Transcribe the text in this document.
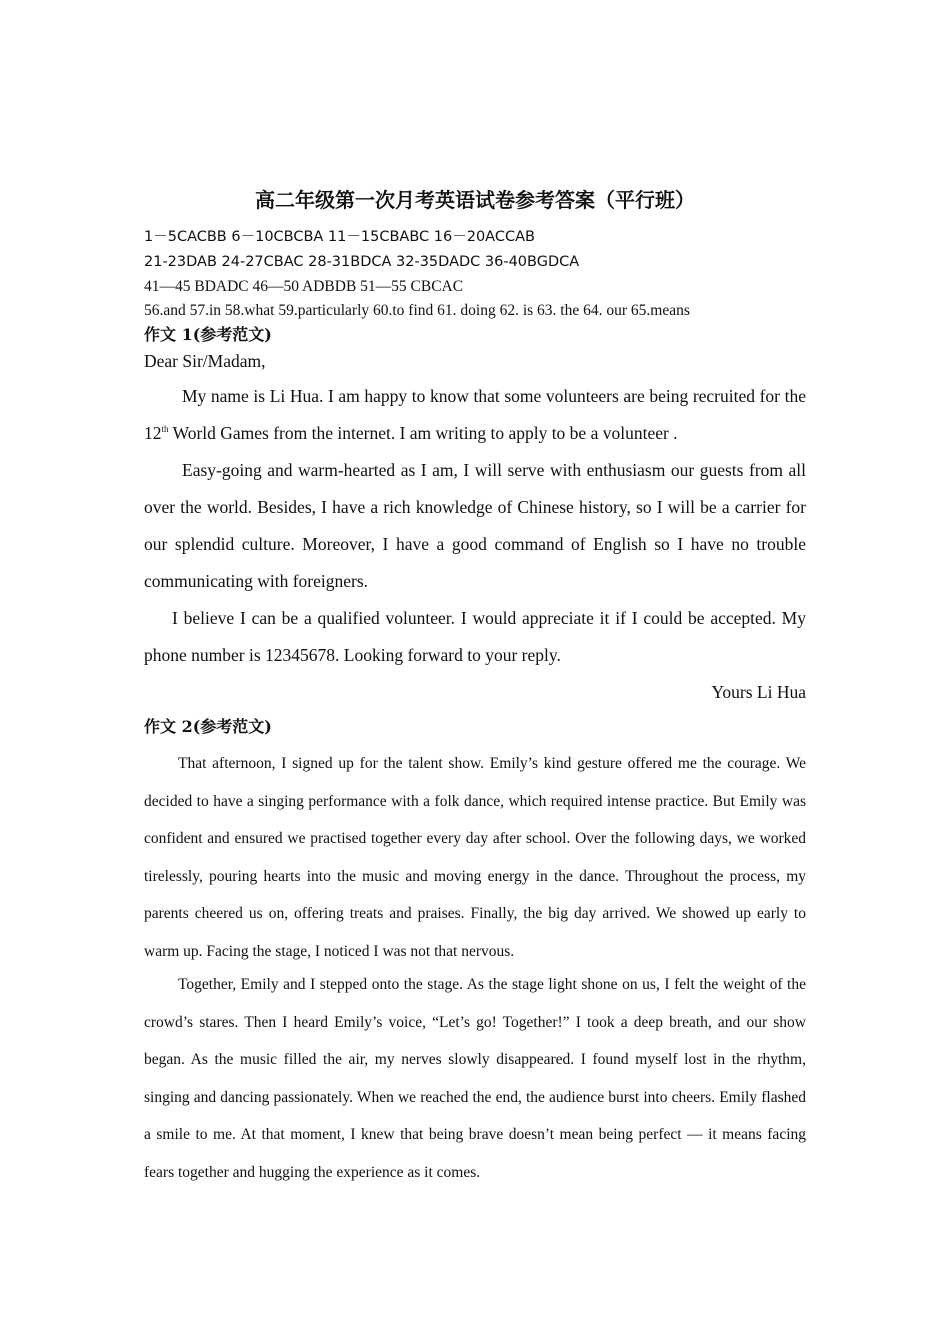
高二年级第一次月考英语试卷参考答案（平行班）
1－5CACBB 6－10CBCBA 11－15CBABC 16－20ACCAB
21-23DAB 24-27CBAC 28-31BDCA 32-35DADC 36-40BGDCA
41—45 BDADC 46—50 ADBDB 51—55 CBCAC
56.and 57.in 58.what 59.particularly 60.to find 61. doing 62. is 63. the 64. our 65.means
作文 1(参考范文)
Dear Sir/Madam,

My name is Li Hua. I am happy to know that some volunteers are being recruited for the 12th World Games from the internet. I am writing to apply to be a volunteer .

Easy-going and warm-hearted as I am, I will serve with enthusiasm our guests from all over the world. Besides, I have a rich knowledge of Chinese history, so I will be a carrier for our splendid culture. Moreover, I have a good command of English so I have no trouble communicating with foreigners.

I believe I can be a qualified volunteer. I would appreciate it if I could be accepted. My phone number is 12345678. Looking forward to your reply.

Yours Li Hua
作文 2(参考范文)

That afternoon, I signed up for the talent show. Emily’s kind gesture offered me the courage. We decided to have a singing performance with a folk dance, which required intense practice. But Emily was confident and ensured we practised together every day after school. Over the following days, we worked tirelessly, pouring hearts into the music and moving energy in the dance. Throughout the process, my parents cheered us on, offering treats and praises. Finally, the big day arrived. We showed up early to warm up. Facing the stage, I noticed I was not that nervous.

Together, Emily and I stepped onto the stage. As the stage light shone on us, I felt the weight of the crowd’s stares. Then I heard Emily’s voice, “Let’s go! Together!” I took a deep breath, and our show began. As the music filled the air, my nerves slowly disappeared. I found myself lost in the rhythm, singing and dancing passionately. When we reached the end, the audience burst into cheers. Emily flashed a smile to me. At that moment, I knew that being brave doesn’t mean being perfect — it means facing fears together and hugging the experience as it comes.
